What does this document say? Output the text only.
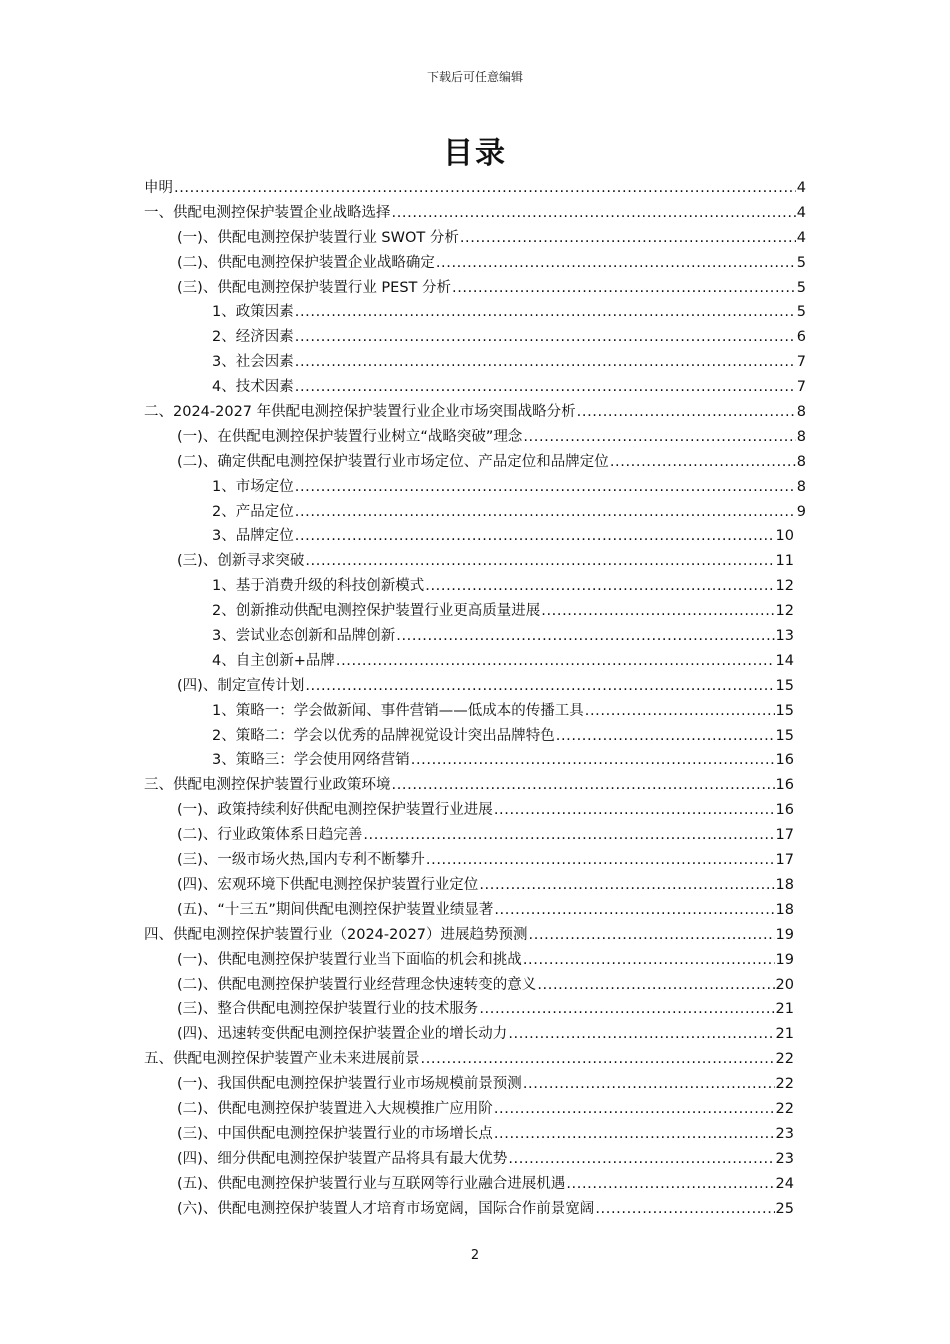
下载后可任意编辑
目录
申明 .....	4
一、供配电测控保护装置企业战略选择 .....	4
(一)、供配电测控保护装置行业 SWOT 分析 .....	4
(二)、供配电测控保护装置企业战略确定 .....	5
(三)、供配电测控保护装置行业 PEST 分析 .....	5
1、政策因素 .....	5
2、经济因素 .....	6
3、社会因素 .....	7
4、技术因素 .....	7
二、2024-2027 年供配电测控保护装置行业企业市场突围战略分析 .....	8
(一)、在供配电测控保护装置行业树立“战略突破”理念 .....	8
(二)、确定供配电测控保护装置行业市场定位、产品定位和品牌定位 .....	8
1、市场定位 .....	8
2、产品定位 .....	9
3、品牌定位 .....	10
(三)、创新寻求突破 .....	11
1、基于消费升级的科技创新模式 .....	12
2、创新推动供配电测控保护装置行业更高质量进展 .....	12
3、尝试业态创新和品牌创新 .....	13
4、自主创新+品牌 .....	14
(四)、制定宣传计划 .....	15
1、策略一：学会做新闻、事件营销——低成本的传播工具 .....	15
2、策略二：学会以优秀的品牌视觉设计突出品牌特色 .....	15
3、策略三：学会使用网络营销 .....	16
三、供配电测控保护装置行业政策环境 .....	16
(一)、政策持续利好供配电测控保护装置行业进展 .....	16
(二)、行业政策体系日趋完善 .....	17
(三)、一级市场火热,国内专利不断攀升 .....	17
(四)、宏观环境下供配电测控保护装置行业定位 .....	18
(五)、“十三五”期间供配电测控保护装置业绩显著 .....	18
四、供配电测控保护装置行业（2024-2027）进展趋势预测 .....	19
(一)、供配电测控保护装置行业当下面临的机会和挑战 .....	19
(二)、供配电测控保护装置行业经营理念快速转变的意义 .....	20
(三)、整合供配电测控保护装置行业的技术服务 .....	21
(四)、迅速转变供配电测控保护装置企业的增长动力 .....	21
五、供配电测控保护装置产业未来进展前景 .....	22
(一)、我国供配电测控保护装置行业市场规模前景预测 .....	22
(二)、供配电测控保护装置进入大规模推广应用阶 .....	22
(三)、中国供配电测控保护装置行业的市场增长点 .....	23
(四)、细分供配电测控保护装置产品将具有最大优势 .....	23
(五)、供配电测控保护装置行业与互联网等行业融合进展机遇 .....	24
(六)、供配电测控保护装置人才培育市场宽阔，国际合作前景宽阔 .....	25
2
